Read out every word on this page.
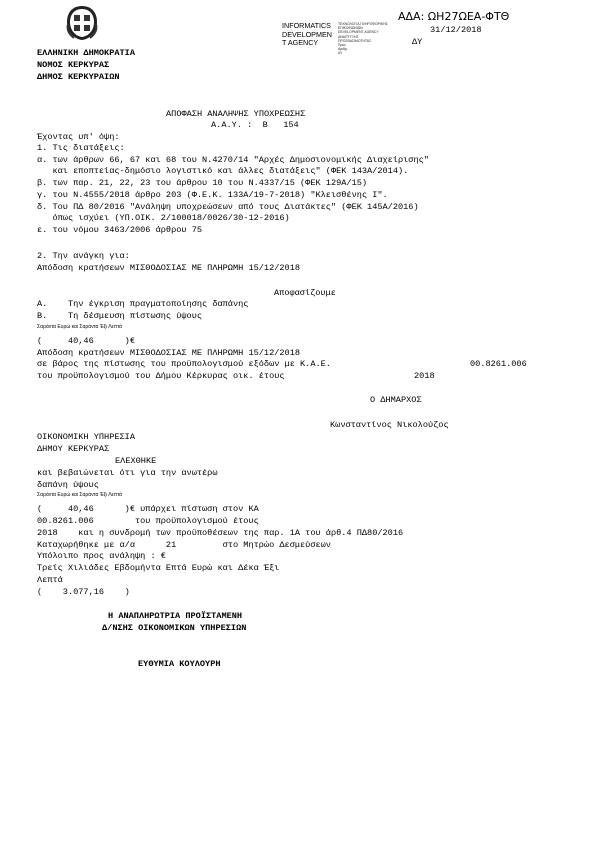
ΑΔΑ: ΩΗ27ΩΕΑ-ΦΤΘ
INFORMATICS
DEVELOPMEN
T AGENCY
ΤΕΧΝΟΛΟΓΙΑ ΠΛΗΡΟΦΟΡΙΚΗΣ
ΕΠΙΚΟΙΝΩΝΙΩΝ
DEVELOPMENT AGENCY
ΑΝΑΠΤΥΞΗΣ
ΠΡΟΣΒΑΣΙΜΟΤΗΤΑΣ
Προς
Αριθμ.
ΔΥ
ΔΥ
31/12/2018
ΕΛΛΗΝΙΚΗ ΔΗΜΟΚΡΑΤΙΑ
ΝΟΜΟΣ ΚΕΡΚΥΡΑΣ
ΔΗΜΟΣ ΚΕΡΚΥΡΑΙΩΝ
ΑΠΟΦΑΣΗ ΑΝΑΛΗΨΗΣ ΥΠΟΧΡΕΩΣΗΣ
Α.Α.Υ. :  Β   154
Έχοντας υπ' όψη:
1. Τις διατάξεις:
α. των άρθρων 66, 67 και 68 του Ν.4270/14 "Αρχές Δημοσιονομικής Διαχείρισης"
και εποπτείας-δημόσιο λογιστικό και άλλες διατάξεις" (ΦΕΚ 143Α/2014).
β. των παρ. 21, 22, 23 του άρθρου 10 του Ν.4337/15 (ΦΕΚ 129Α/15)
γ. του Ν.4555/2018 άρθρο 203 (Φ.Ε.Κ. 133Α/19-7-2018) "Κλεισθένης Ι".
δ. Του ΠΔ 80/2016 "Ανάληψη υποχρεώσεων από τους Διατάκτες" (ΦΕΚ 145Α/2016)
όπως ισχύει (ΥΠ.ΟΙΚ. 2/100018/0026/30-12-2016)
ε. του νόμου 3463/2006 άρθρου 75
2. Την ανάγκη για:
Απόδοση κρατήσεων ΜΙΣΘΟΔΟΣΙΑΣ ΜΕ ΠΛΗΡΩΜΗ 15/12/2018
Αποφασίζουμε
Α.    Την έγκριση πραγματοποίησης δαπάνης
Β.    Τη δέσμευση πίστωσης ύψους
Σαράντα Ευρώ και Σαράντα Έξι Λεπτά
(     40,46      )€
Απόδοση κρατήσεων ΜΙΣΘΟΔΟΣΙΑΣ ΜΕ ΠΛΗΡΩΜΗ 15/12/2018
σε βάρος της πίστωσης του προϋπολογισμού εξόδων με Κ.Α.Ε.	00.8261.006
του προϋπολογισμού του Δήμου Κέρκυρας οικ. έτους	2018
Ο ΔΗΜΑΡΧΟΣ
Κωνσταντίνος Νικολούζος
ΟΙΚΟΝΟΜΙΚΗ ΥΠΗΡΕΣΙΑ
ΔΗΜΟΥ ΚΕΡΚΥΡΑΣ
ΕΛΕΧΘΗΚΕ
και βεβαιώνεται ότι για την ανωτέρω
δαπάνη ύψους
Σαράντα Ευρώ και Σαράντα Έξι Λεπτά
(     40,46      )€ υπάρχει πίστωση στον ΚΑ
00.8261.006        του προϋπολογισμού έτους
2018    και η συνδρομή των προϋποθέσεων της παρ. 1Α του άρθ.4 ΠΔ80/2016
Καταχωρήθηκε με α/α      21         στο Μητρώο Δεσμεύσεων
Υπόλοιπο προς ανάληψη : €
Τρείς Χιλιάδες Εβδομήντα Επτά Ευρώ και Δέκα Έξι
Λεπτά
(    3.077,16    )
Η ΑΝΑΠΛΗΡΩΤΡΙΑ ΠΡΟΪΣΤΑΜΕΝΗ
Δ/ΝΣΗΣ ΟΙΚΟΝΟΜΙΚΩΝ ΥΠΗΡΕΣΙΩΝ
ΕΥΘΥΜΙΑ ΚΟΥΛΟΥΡΗ
